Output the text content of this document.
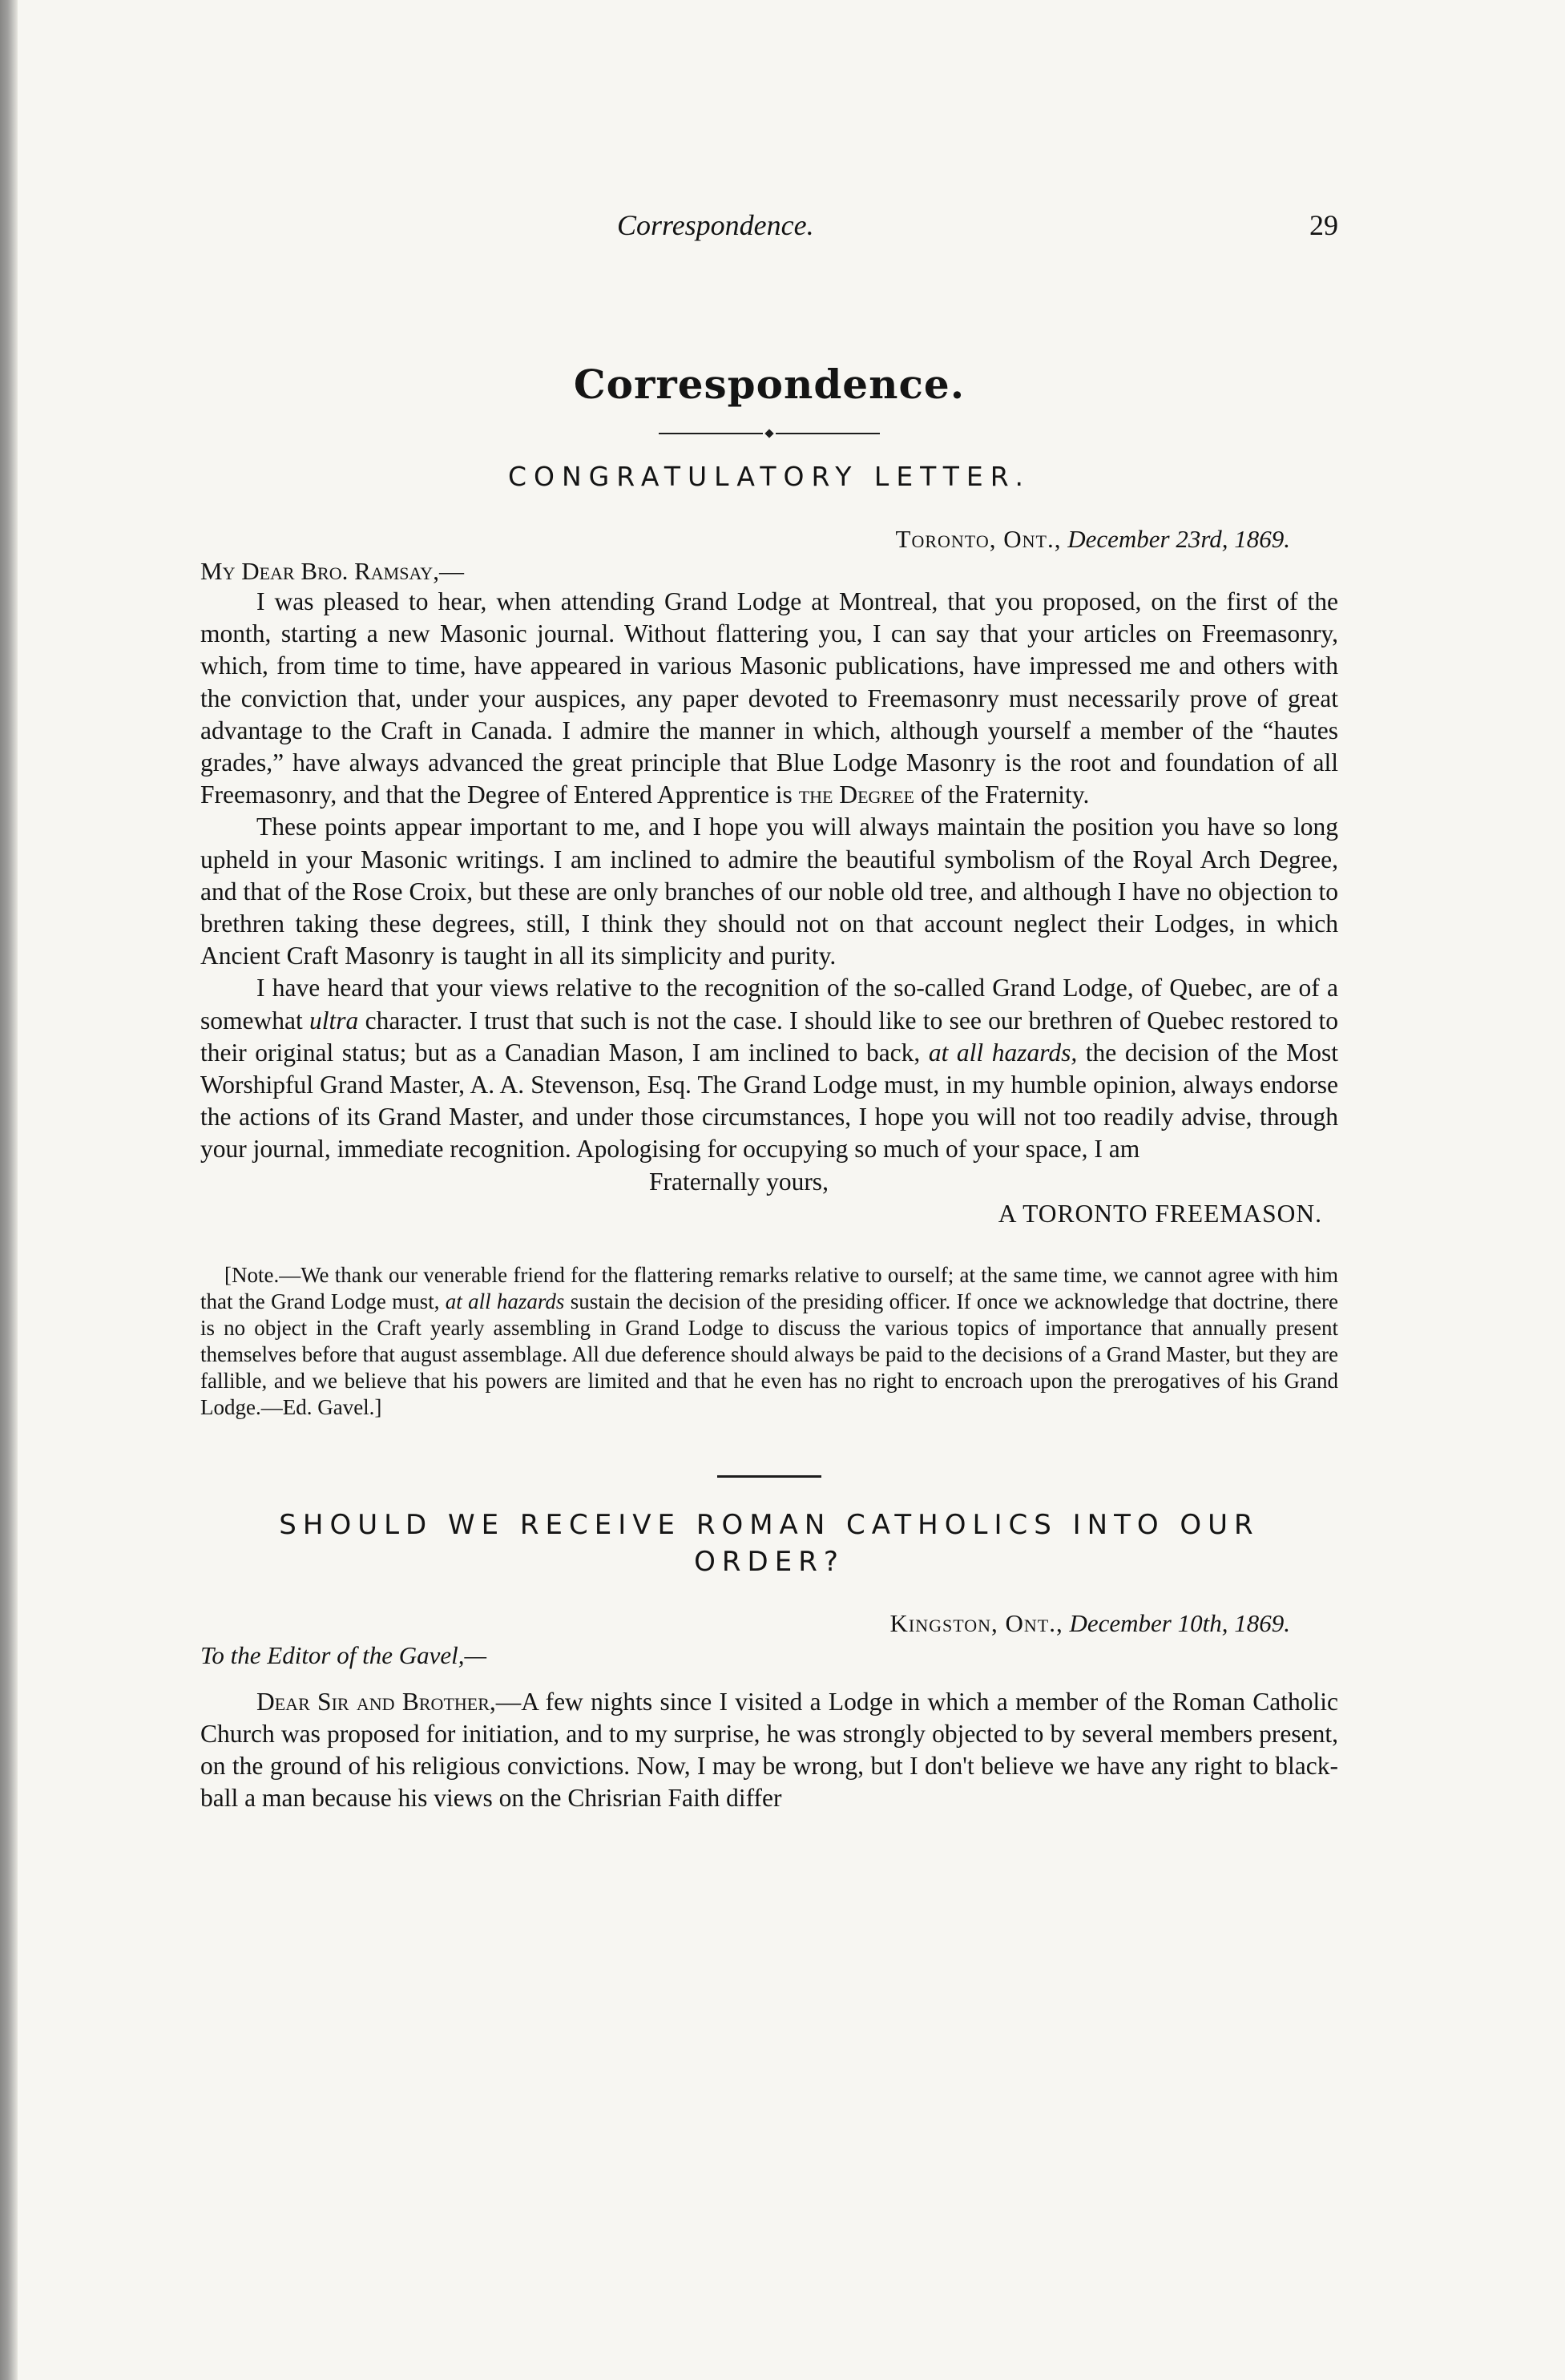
Correspondence.	29
Correspondence.
CONGRATULATORY LETTER.
Toronto, Ont., December 23rd, 1869.
My Dear Bro. Ramsay,—

I was pleased to hear, when attending Grand Lodge at Montreal, that you proposed, on the first of the month, starting a new Masonic journal. Without flattering you, I can say that your articles on Freemasonry, which, from time to time, have appeared in various Masonic publications, have impressed me and others with the conviction that, under your auspices, any paper devoted to Freemasonry must necessarily prove of great advantage to the Craft in Canada. I admire the manner in which, although yourself a member of the “hautes grades,” have always advanced the great principle that Blue Lodge Masonry is the root and foundation of all Freemasonry, and that the Degree of Entered Apprentice is the Degree of the Fraternity.

These points appear important to me, and I hope you will always maintain the position you have so long upheld in your Masonic writings. I am inclined to admire the beautiful symbolism of the Royal Arch Degree, and that of the Rose Croix, but these are only branches of our noble old tree, and although I have no objection to brethren taking these degrees, still, I think they should not on that account neglect their Lodges, in which Ancient Craft Masonry is taught in all its simplicity and purity.

I have heard that your views relative to the recognition of the so-called Grand Lodge, of Quebec, are of a somewhat ultra character. I trust that such is not the case. I should like to see our brethren of Quebec restored to their original status; but as a Canadian Mason, I am inclined to back, at all hazards, the decision of the Most Worshipful Grand Master, A. A. Stevenson, Esq. The Grand Lodge must, in my humble opinion, always endorse the actions of its Grand Master, and under those circumstances, I hope you will not too readily advise, through your journal, immediate recognition. Apologising for occupying so much of your space, I am

Fraternally yours,
A TORONTO FREEMASON.

[Note.—We thank our venerable friend for the flattering remarks relative to ourself; at the same time, we cannot agree with him that the Grand Lodge must, at all hazards sustain the decision of the presiding officer. If once we acknowledge that doctrine, there is no object in the Craft yearly assembling in Grand Lodge to discuss the various topics of importance that annually present themselves before that august assemblage. All due deference should always be paid to the decisions of a Grand Master, but they are fallible, and we believe that his powers are limited and that he even has no right to encroach upon the prerogatives of his Grand Lodge.—Ed. Gavel.]

SHOULD WE RECEIVE ROMAN CATHOLICS INTO OUR ORDER?
Kingston, Ont., December 10th, 1869.
To the Editor of the Gavel,—

Dear Sir and Brother,—A few nights since I visited a Lodge in which a member of the Roman Catholic Church was proposed for initiation, and to my surprise, he was strongly objected to by several members present, on the ground of his religious convictions. Now, I may be wrong, but I don't believe we have any right to black-ball a man because his views on the Chrisrian Faith differ
